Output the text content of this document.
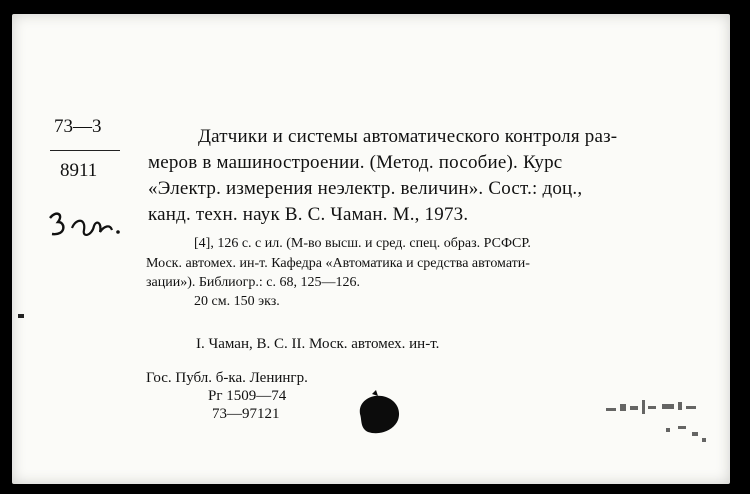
73—3
8911
Датчики и системы автоматического контроля раз-
меров в машиностроении. (Метод. пособие). Курс
«Электр. измерения неэлектр. величин». Сост.: доц.,
канд. техн. наук В. С. Чаман. М., 1973.
[4], 126 с. с ил. (М-во высш. и сред. спец. образ. РСФСР.
Моск. автомех. ин-т. Кафедра «Автоматика и средства автомати-
зации»). Библиогр.: с. 68, 125—126.
20 см. 150 экз.
I. Чаман, В. С. II. Моск. автомех. ин-т.
Гос. Публ. б-ка. Ленингр.
Рг 1509—74
73—97121
